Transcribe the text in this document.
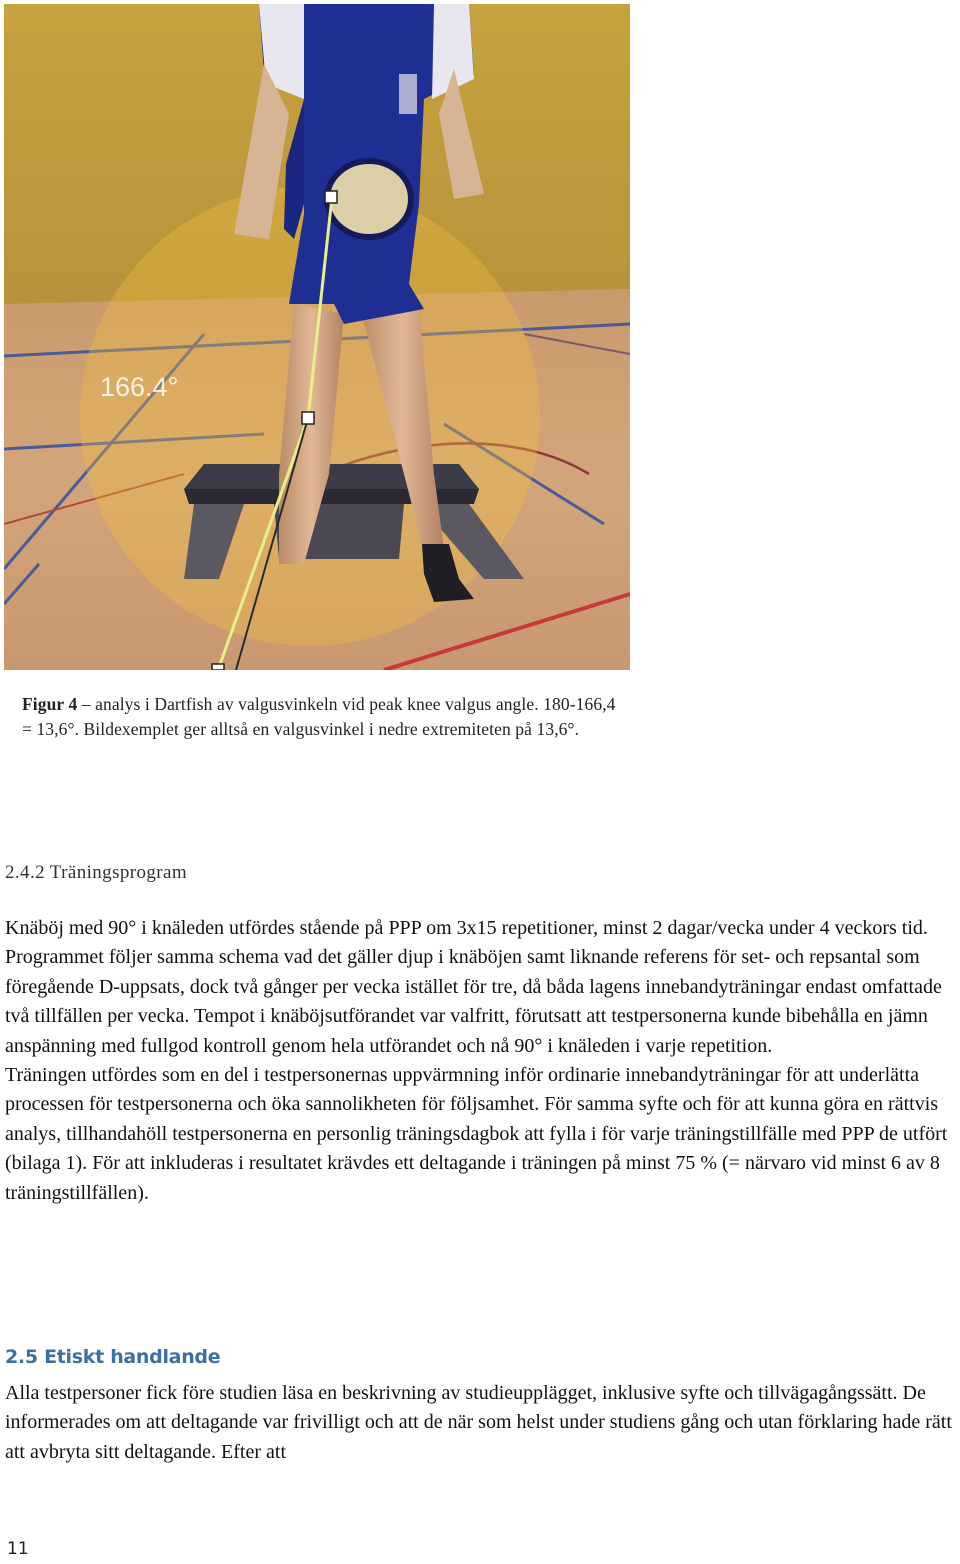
166.4°
Figur 4 – analys i Dartfish av valgusvinkeln vid peak knee valgus angle. 180-166,4 = 13,6°. Bildexemplet ger alltså en valgusvinkel i nedre extremiteten på 13,6°.
2.4.2 Träningsprogram

Knäböj med 90° i knäleden utfördes stående på PPP om 3x15 repetitioner, minst 2 dagar/vecka under 4 veckors tid. Programmet följer samma schema vad det gäller djup i knäböjen samt liknande referens för set- och repsantal som föregående D-uppsats, dock två gånger per vecka istället för tre, då båda lagens innebandyträningar endast omfattade två tillfällen per vecka. Tempot i knäböjsutförandet var valfritt, förutsatt att testpersonerna kunde bibehålla en jämn anspänning med fullgod kontroll genom hela utförandet och nå 90° i knäleden i varje repetition.

Träningen utfördes som en del i testpersonernas uppvärmning inför ordinarie innebandyträningar för att underlätta processen för testpersonerna och öka sannolikheten för följsamhet. För samma syfte och för att kunna göra en rättvis analys, tillhandahöll testpersonerna en personlig träningsdagbok att fylla i för varje träningstillfälle med PPP de utfört (bilaga 1). För att inkluderas i resultatet krävdes ett deltagande i träningen på minst 75 % (= närvaro vid minst 6 av 8 träningstillfällen).

2.5 Etiskt handlande

Alla testpersoner fick före studien läsa en beskrivning av studieupplägget, inklusive syfte och tillvägagångssätt. De informerades om att deltagande var frivilligt och att de när som helst under studiens gång och utan förklaring hade rätt att avbryta sitt deltagande. Efter att

11
